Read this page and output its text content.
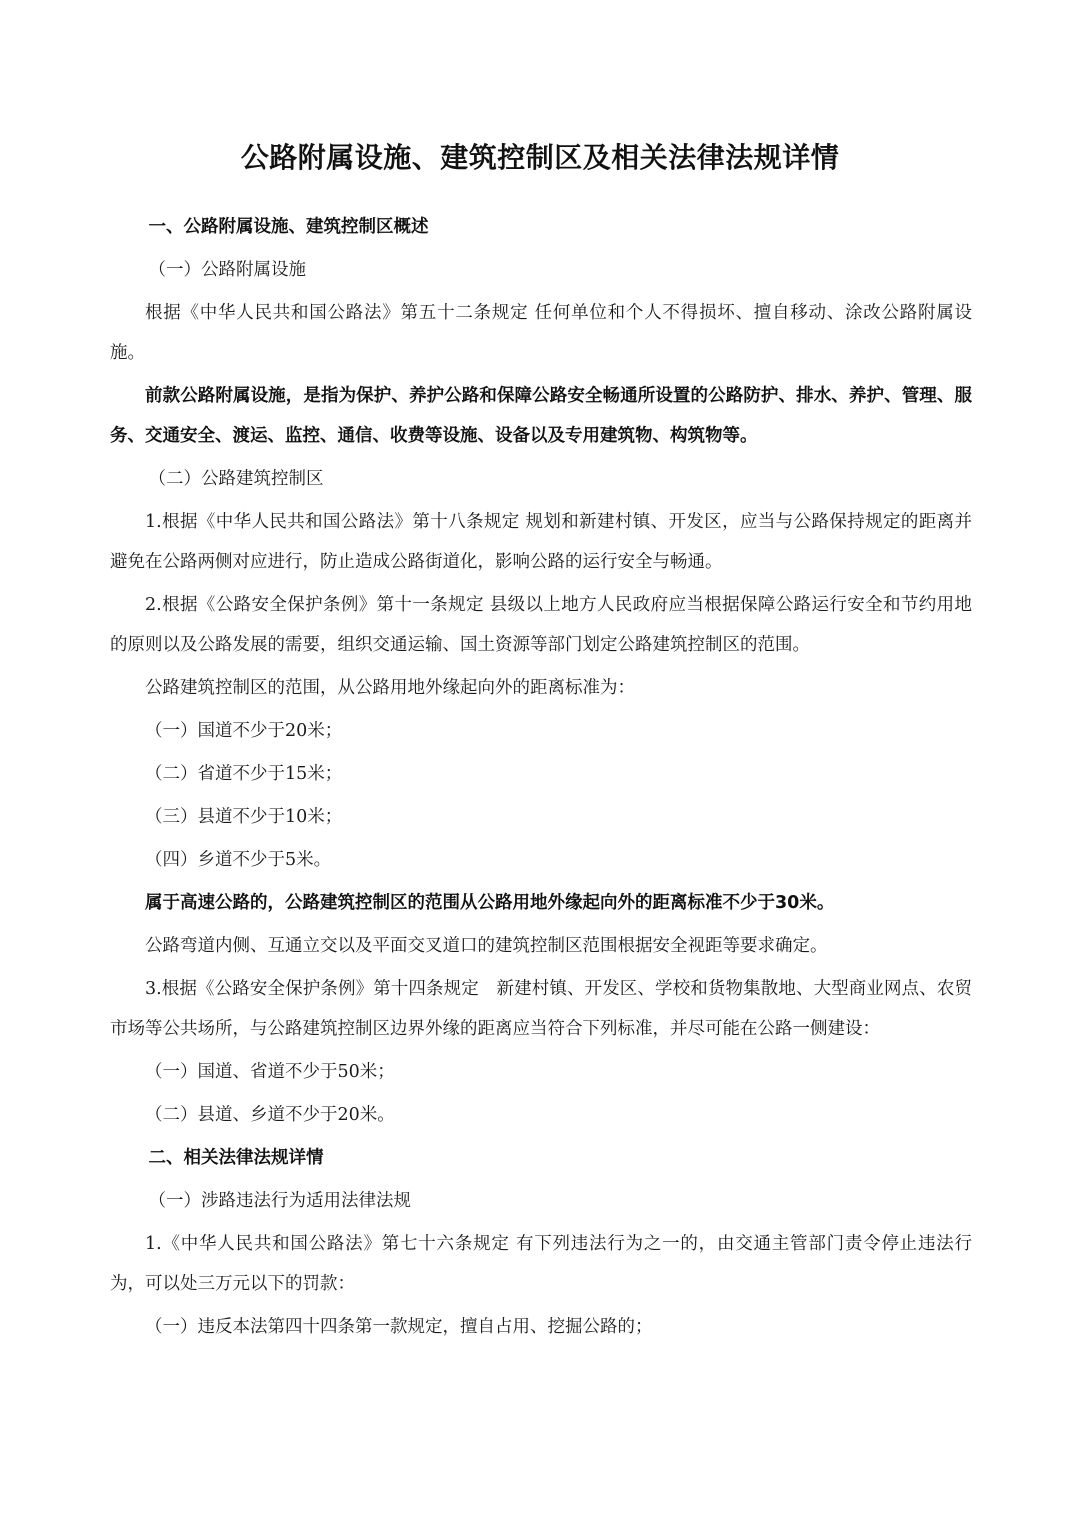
公路附属设施、建筑控制区及相关法律法规详情

一、公路附属设施、建筑控制区概述

（一）公路附属设施

根据《中华人民共和国公路法》第五十二条规定 任何单位和个人不得损坏、擅自移动、涂改公路附属设施。

前款公路附属设施，是指为保护、养护公路和保障公路安全畅通所设置的公路防护、排水、养护、管理、服务、交通安全、渡运、监控、通信、收费等设施、设备以及专用建筑物、构筑物等。

（二）公路建筑控制区

1.根据《中华人民共和国公路法》第十八条规定 规划和新建村镇、开发区，应当与公路保持规定的距离并避免在公路两侧对应进行，防止造成公路街道化，影响公路的运行安全与畅通。

2.根据《公路安全保护条例》第十一条规定 县级以上地方人民政府应当根据保障公路运行安全和节约用地的原则以及公路发展的需要，组织交通运输、国土资源等部门划定公路建筑控制区的范围。

公路建筑控制区的范围，从公路用地外缘起向外的距离标准为：

（一）国道不少于20米；

（二）省道不少于15米；

（三）县道不少于10米；

（四）乡道不少于5米。

属于高速公路的，公路建筑控制区的范围从公路用地外缘起向外的距离标准不少于30米。

公路弯道内侧、互通立交以及平面交叉道口的建筑控制区范围根据安全视距等要求确定。

3.根据《公路安全保护条例》第十四条规定　新建村镇、开发区、学校和货物集散地、大型商业网点、农贸市场等公共场所，与公路建筑控制区边界外缘的距离应当符合下列标准，并尽可能在公路一侧建设：

（一）国道、省道不少于50米；

（二）县道、乡道不少于20米。

二、相关法律法规详情

（一）涉路违法行为适用法律法规

1.《中华人民共和国公路法》第七十六条规定 有下列违法行为之一的，由交通主管部门责令停止违法行为，可以处三万元以下的罚款：

（一）违反本法第四十四条第一款规定，擅自占用、挖掘公路的；
